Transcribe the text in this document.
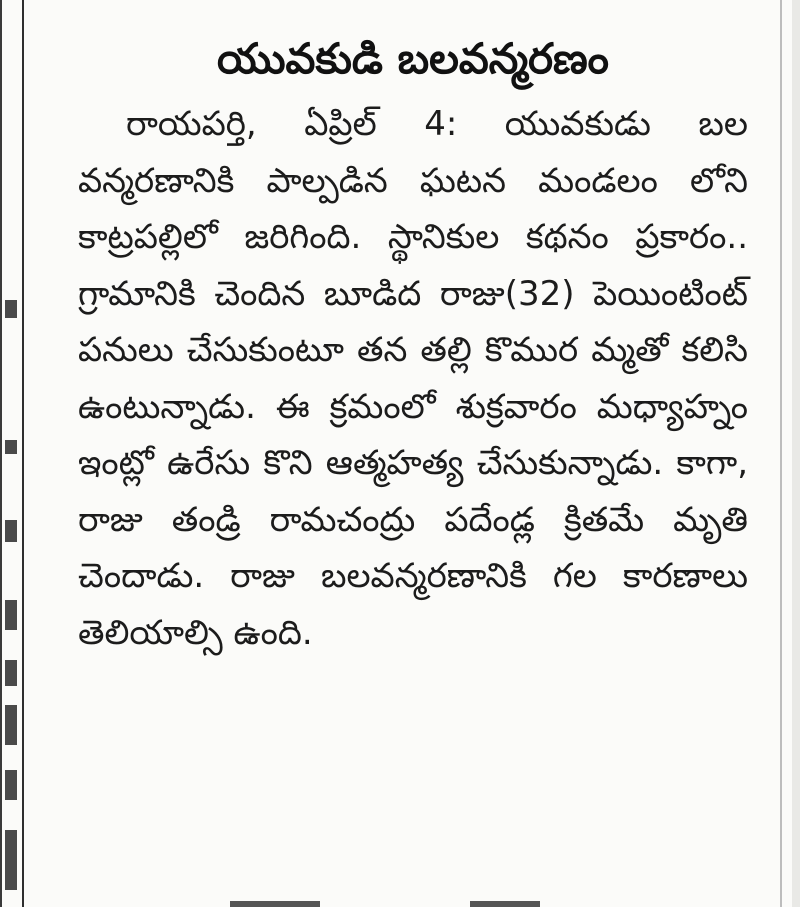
యువకుడి బలవన్మరణం

రాయపర్తి, ఏప్రిల్ 4: యువకుడు బల వన్మరణానికి పాల్పడిన ఘటన మండలం లోని కాట్రపల్లిలో జరిగింది. స్థానికుల కథనం ప్రకారం.. గ్రామానికి చెందిన బూడిద రాజు(32) పెయింటింట్ పనులు చేసుకుంటూ తన తల్లి కొముర మ్మతో కలిసి ఉంటున్నాడు. ఈ క్రమంలో శుక్రవారం మధ్యాహ్నం ఇంట్లో ఉరేసు కొని ఆత్మహత్య చేసుకున్నాడు. కాగా, రాజు తండ్రి రామచంద్రు పదేండ్ల క్రితమే మృతి చెందాడు. రాజు బలవన్మరణానికి గల కారణాలు తెలియాల్సి ఉంది.
